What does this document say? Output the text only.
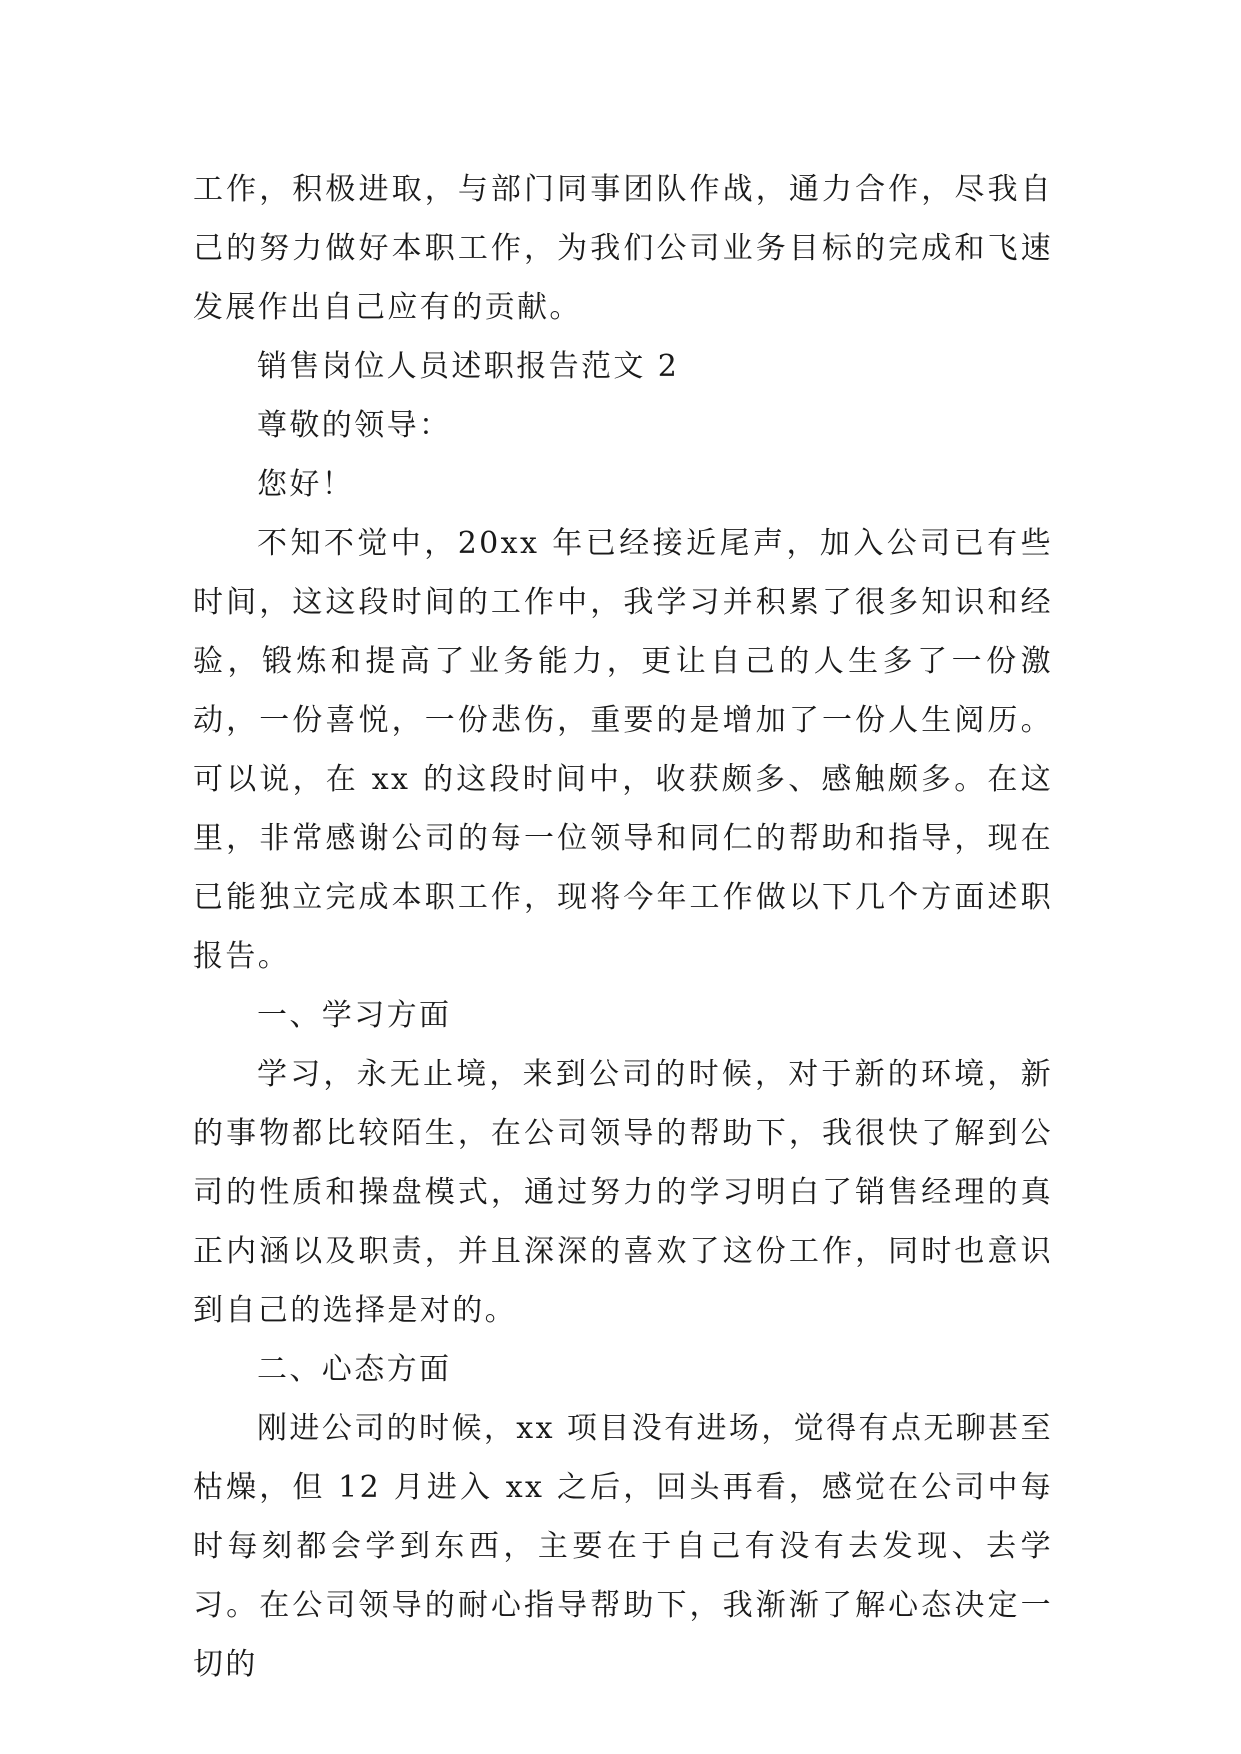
工作，积极进取，与部门同事团队作战，通力合作，尽我自己的努力做好本职工作，为我们公司业务目标的完成和飞速发展作出自己应有的贡献。

销售岗位人员述职报告范文 2

尊敬的领导：

您好！

不知不觉中，20xx 年已经接近尾声，加入公司已有些时间，这这段时间的工作中，我学习并积累了很多知识和经验，锻炼和提高了业务能力，更让自己的人生多了一份激动，一份喜悦，一份悲伤，重要的是增加了一份人生阅历。可以说，在 xx 的这段时间中，收获颇多、感触颇多。在这里，非常感谢公司的每一位领导和同仁的帮助和指导，现在已能独立完成本职工作，现将今年工作做以下几个方面述职报告。

一、学习方面

学习，永无止境，来到公司的时候，对于新的环境，新的事物都比较陌生，在公司领导的帮助下，我很快了解到公司的性质和操盘模式，通过努力的学习明白了销售经理的真正内涵以及职责，并且深深的喜欢了这份工作，同时也意识到自己的选择是对的。

二、心态方面

刚进公司的时候，xx 项目没有进场，觉得有点无聊甚至枯燥，但 12 月进入 xx 之后，回头再看，感觉在公司中每时每刻都会学到东西，主要在于自己有没有去发现、去学习。在公司领导的耐心指导帮助下，我渐渐了解心态决定一切的
